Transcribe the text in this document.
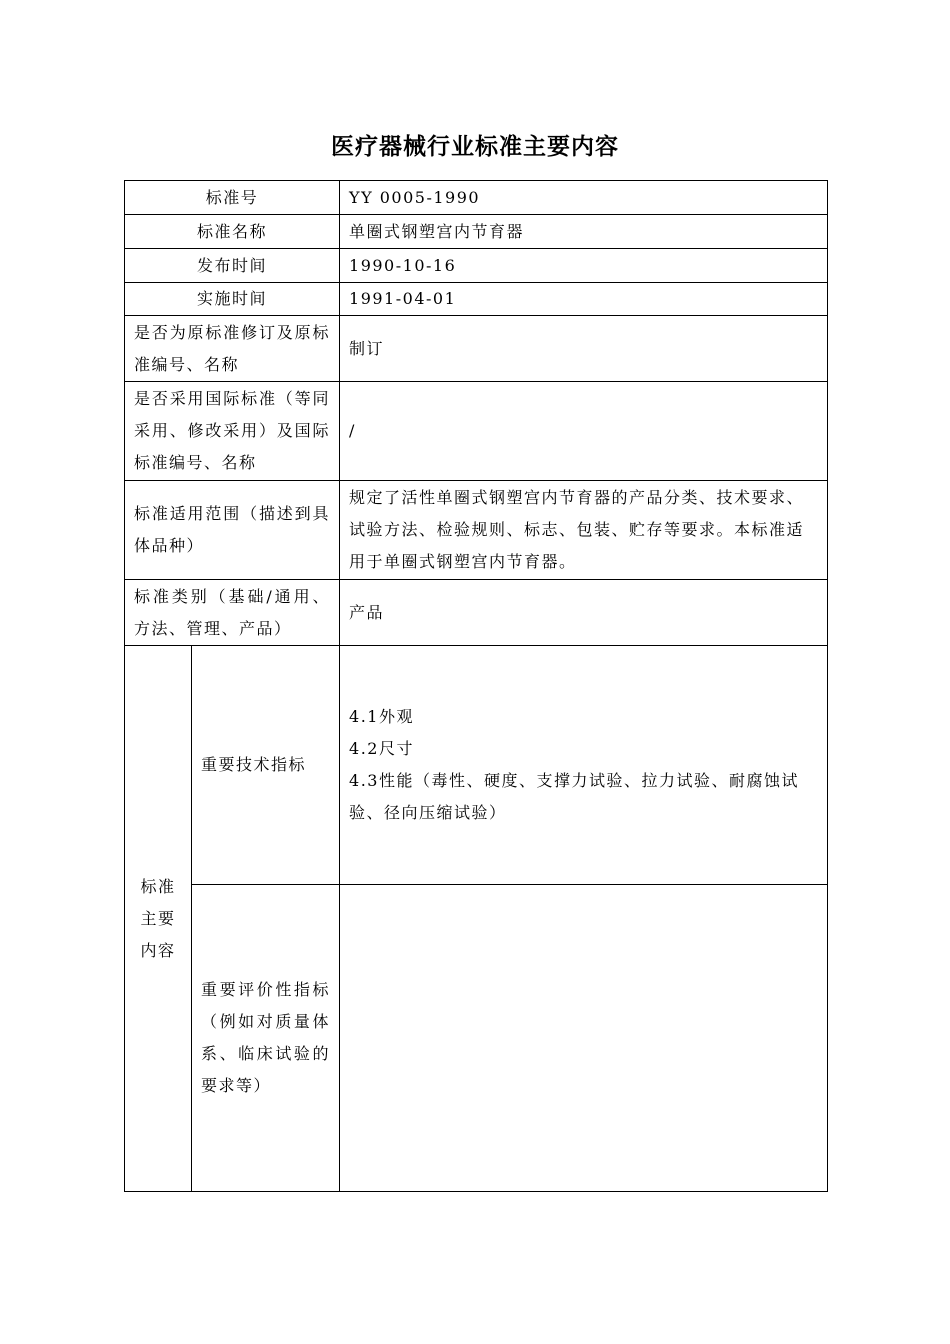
医疗器械行业标准主要内容
标准号		YY 0005-1990
标准名称		单圈式钢塑宫内节育器
发布时间		1990-10-16
实施时间		1991-04-01
是否为原标准修订及原标准编号、名称		制订
是否采用国际标准（等同采用、修改采用）及国际标准编号、名称		/
标准适用范围（描述到具体品种）		规定了活性单圈式钢塑宫内节育器的产品分类、技术要求、试验方法、检验规则、标志、包装、贮存等要求。本标准适用于单圈式钢塑宫内节育器。
标准类别（基础/通用、方法、管理、产品）		产品
标准主要内容	重要技术指标	4.1外观
4.2尺寸
4.3性能（毒性、硬度、支撑力试验、拉力试验、耐腐蚀试验、径向压缩试验）

	重要评价性指标（例如对质量体系、临床试验的要求等）	
